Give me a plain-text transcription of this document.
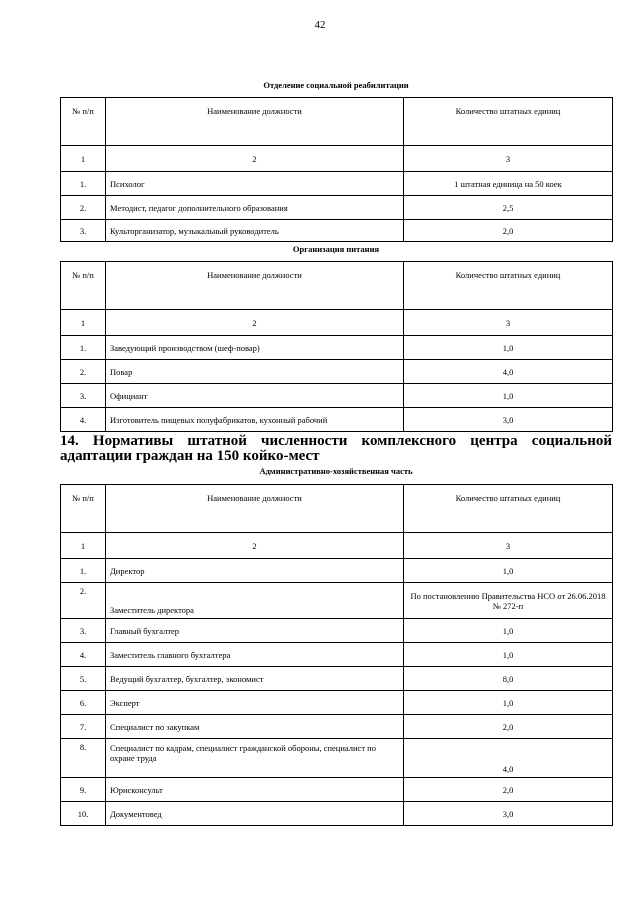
42
Отделение социальной реабилитации
№ п/п	Наименование должности	Количество штатных единиц
1	2	3
1.	Психолог	1 штатная единица на 50 коек
2.	Методист, педагог дополнительного образования	2,5
3.	Культорганизатор, музыкальный руководитель	2,0
Организация питания
№ п/п	Наименование должности	Количество штатных единиц
1	2	3
1.	Заведующий производством (шеф-повар)	1,0
2.	Повар	4,0
3.	Официант	1,0
4.	Изготовитель пищевых полуфабрикатов, кухонный рабочий	3,0
14. Нормативы штатной численности комплексного центра социальной адаптации граждан на 150 койко-мест
Административно-хозяйственная часть
№ п/п	Наименование должности	Количество штатных единиц
1	2	3
1.	Директор	1,0
2.	Заместитель директора	По постановлению Правительства НСО от 26.06.2018 № 272-п
3.	Главный бухгалтер	1,0
4.	Заместитель главного бухгалтера	1,0
5.	Ведущий бухгалтер, бухгалтер, экономист	8,0
6.	Эксперт	1,0
7.	Специалист по закупкам	2,0
8.	Специалист по кадрам, специалист гражданской обороны, специалист по охране труда	4,0
9.	Юрисконсульт	2,0
10.	Документовед	3,0
